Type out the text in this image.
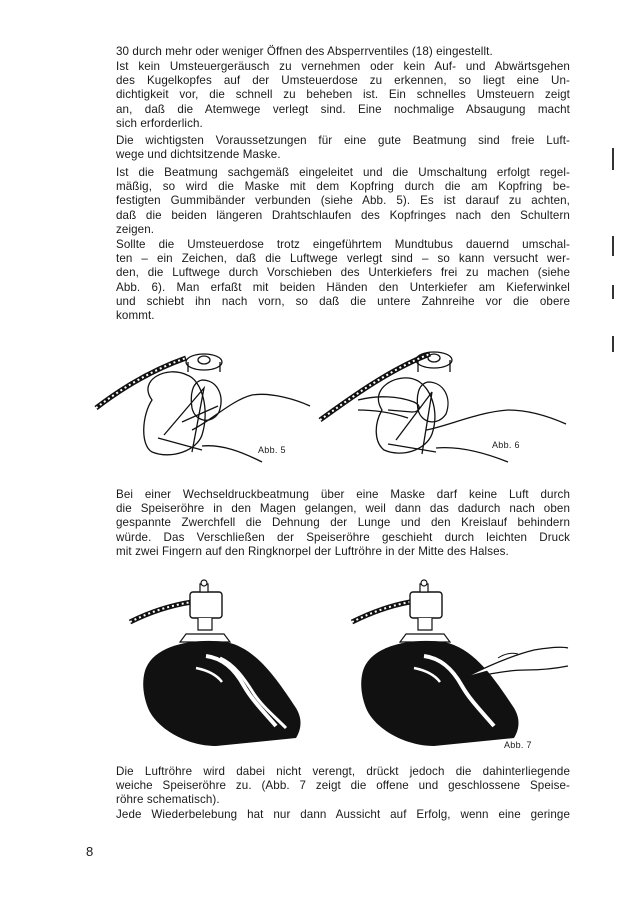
30 durch mehr oder weniger Öffnen des Absperrventiles (18) eingestellt.
Ist kein Umsteuergeräusch zu vernehmen oder kein Auf- und Abwärtsgehen
des Kugelkopfes auf der Umsteuerdose zu erkennen, so liegt eine Un-
dichtigkeit vor, die schnell zu beheben ist. Ein schnelles Umsteuern zeigt
an, daß die Atemwege verlegt sind. Eine nochmalige Absaugung macht
sich erforderlich.
Die wichtigsten Voraussetzungen für eine gute Beatmung sind freie Luft-
wege und dichtsitzende Maske.
Ist die Beatmung sachgemäß eingeleitet und die Umschaltung erfolgt regel-
mäßig, so wird die Maske mit dem Kopfring durch die am Kopfring be-
festigten Gummibänder verbunden (siehe Abb. 5). Es ist darauf zu achten,
daß die beiden längeren Drahtschlaufen des Kopfringes nach den Schultern
zeigen.
Sollte die Umsteuerdose trotz eingeführtem Mundtubus dauernd umschal-
ten – ein Zeichen, daß die Luftwege verlegt sind – so kann versucht wer-
den, die Luftwege durch Vorschieben des Unterkiefers frei zu machen (siehe
Abb. 6). Man erfaßt mit beiden Händen den Unterkiefer am Kieferwinkel
und schiebt ihn nach vorn, so daß die untere Zahnreihe vor die obere
kommt.
Abb. 5	Abb. 6
Bei einer Wechseldruckbeatmung über eine Maske darf keine Luft durch
die Speiseröhre in den Magen gelangen, weil dann das dadurch nach oben
gespannte Zwerchfell die Dehnung der Lunge und den Kreislauf behindern
würde. Das Verschließen der Speiseröhre geschieht durch leichten Druck
mit zwei Fingern auf den Ringknorpel der Luftröhre in der Mitte des Halses.
Abb. 7
Die Luftröhre wird dabei nicht verengt, drückt jedoch die dahinterliegende
weiche Speiseröhre zu. (Abb. 7 zeigt die offene und geschlossene Speise-
röhre schematisch).
Jede Wiederbelebung hat nur dann Aussicht auf Erfolg, wenn eine geringe
8
